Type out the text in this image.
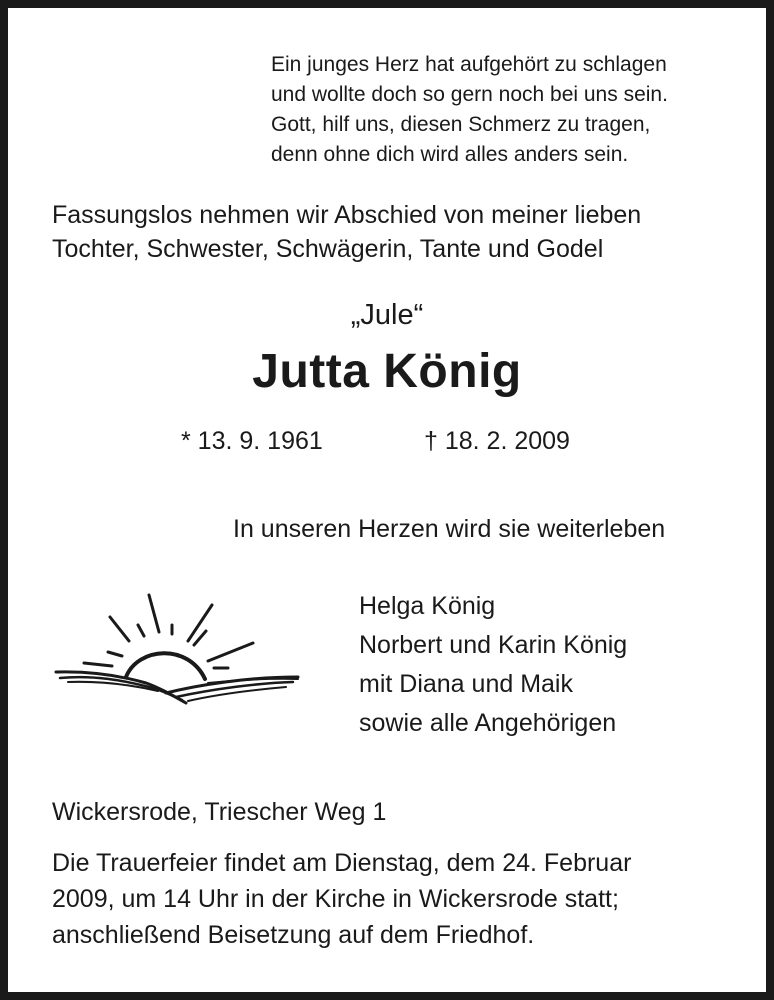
Ein junges Herz hat aufgehört zu schlagen
und wollte doch so gern noch bei uns sein.
Gott, hilf uns, diesen Schmerz zu tragen,
denn ohne dich wird alles anders sein.
Fassungslos nehmen wir Abschied von meiner lieben
Tochter, Schwester, Schwägerin, Tante und Godel
„Jule“
Jutta König
* 13. 9. 1961	† 18. 2. 2009
In unseren Herzen wird sie weiterleben
Helga König
Norbert und Karin König
mit Diana und Maik
sowie alle Angehörigen
Wickersrode, Triescher Weg 1
Die Trauerfeier findet am Dienstag, dem 24. Februar
2009, um 14 Uhr in der Kirche in Wickersrode statt;
anschließend Beisetzung auf dem Friedhof.
